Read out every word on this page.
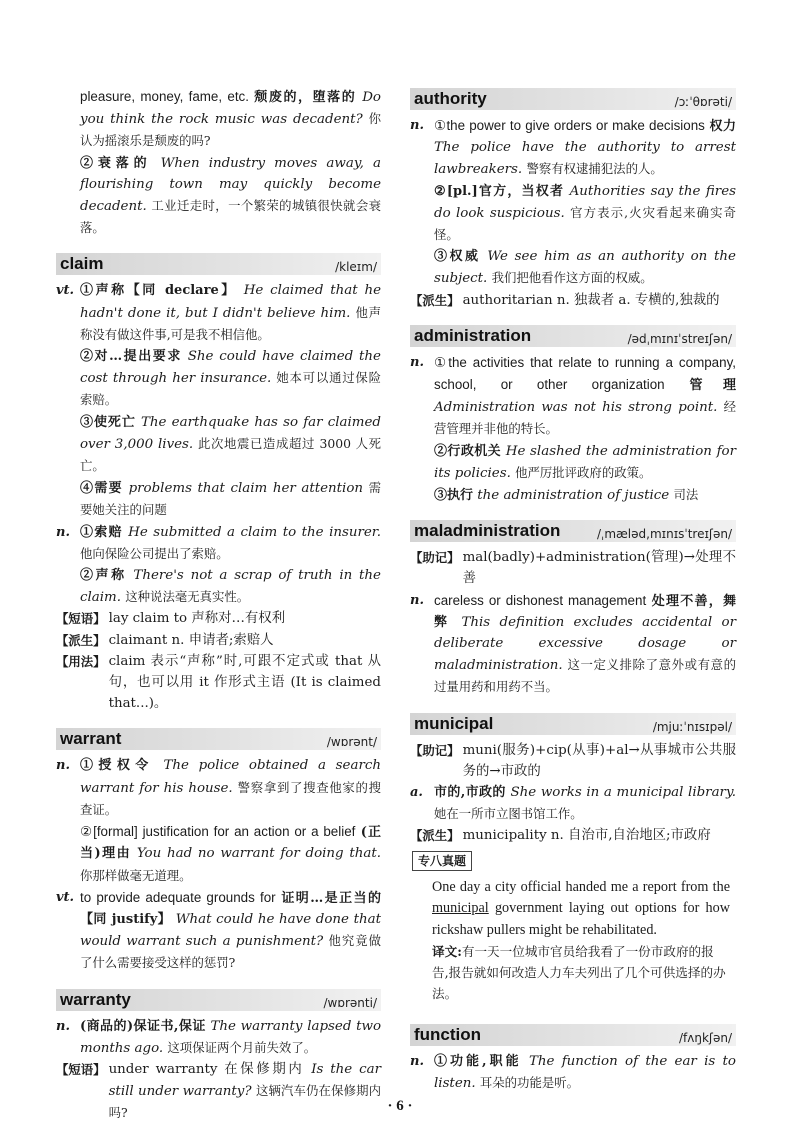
pleasure, money, fame, etc. 颓废的，堕落的 Do you think the rock music was decadent? 你认为摇滚乐是颓废的吗?
②衰落的 When industry moves away, a flourishing town may quickly become decadent. 工业迁走时，一个繁荣的城镇很快就会衰落。
claim	/kleɪm/
vt. ①声称【同 declare】 He claimed that he hadn't done it, but I didn't believe him. 他声称没有做这件事,可是我不相信他。
②对…提出要求 She could have claimed the cost through her insurance. 她本可以通过保险索赔。
③使死亡 The earthquake has so far claimed over 3,000 lives. 此次地震已造成超过 3000 人死亡。
④需要 problems that claim her attention 需要她关注的问题
n. ①索赔 He submitted a claim to the insurer. 他向保险公司提出了索赔。
②声称 There's not a scrap of truth in the claim. 这种说法毫无真实性。
【短语】 lay claim to 声称对…有权利
【派生】 claimant n. 申请者;索赔人
【用法】 claim 表示“声称”时,可跟不定式或 that 从句，也可以用 it 作形式主语 (It is claimed that...)。
warrant	/wɒrənt/
n. ①授权令 The police obtained a search warrant for his house. 警察拿到了搜查他家的搜查证。
②[formal] justification for an action or a belief (正当)理由 You had no warrant for doing that. 你那样做毫无道理。
vt. to provide adequate grounds for 证明…是正当的【同 justify】 What could he have done that would warrant such a punishment? 他究竟做了什么需要接受这样的惩罚?
warranty	/wɒrənti/
n. (商品的)保证书,保证 The warranty lapsed two months ago. 这项保证两个月前失效了。
【短语】 under warranty 在保修期内 Is the car still under warranty? 这辆汽车仍在保修期内吗?
authority	/ɔːˈθɒrəti/
n. ①the power to give orders or make decisions 权力 The police have the authority to arrest lawbreakers. 警察有权逮捕犯法的人。
②[pl.]官方，当权者 Authorities say the fires do look suspicious. 官方表示,火灾看起来确实奇怪。
③权威 We see him as an authority on the subject. 我们把他看作这方面的权威。
【派生】 authoritarian n. 独裁者 a. 专横的,独裁的
administration	/ədˌmɪnɪˈstreɪʃən/
n. ①the activities that relate to running a company, school, or other organization 管理 Administration was not his strong point. 经营管理并非他的特长。
②行政机关 He slashed the administration for its policies. 他严厉批评政府的政策。
③执行 the administration of justice 司法
maladministration	/ˌmæləd,mɪnɪsˈtreɪʃən/
【助记】 mal(badly)+administration(管理)→处理不善
n. careless or dishonest management 处理不善，舞弊 This definition excludes accidental or deliberate excessive dosage or maladministration. 这一定义排除了意外或有意的过量用药和用药不当。
municipal	/mjuːˈnɪsɪpəl/
【助记】 muni(服务)+cip(从事)+al→从事城市公共服务的→市政的
a. 市的,市政的 She works in a municipal library. 她在一所市立图书馆工作。
【派生】 municipality n. 自治市,自治地区;市政府
专八真题
One day a city official handed me a report from the municipal government laying out options for how rickshaw pullers might be rehabilitated.
译文:有一天一位城市官员给我看了一份市政府的报告,报告就如何改造人力车夫列出了几个可供选择的办法。
function	/fʌŋkʃən/
n. ①功能,职能 The function of the ear is to listen. 耳朵的功能是听。
· 6 ·
